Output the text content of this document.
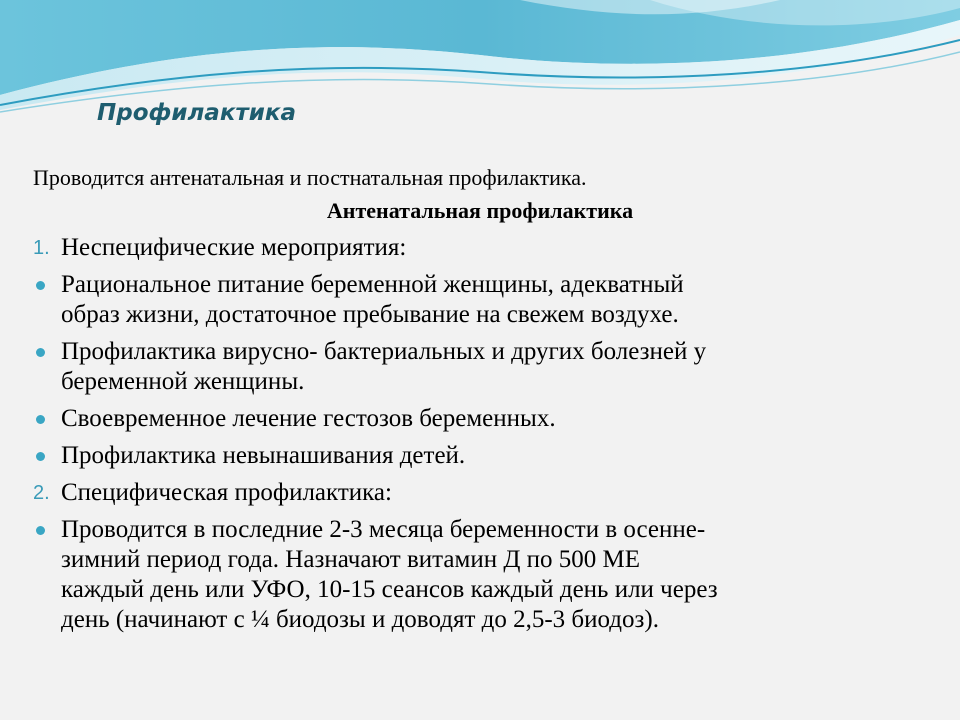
Профилактика
Проводится антенатальная и постнатальная профилактика.
Антенатальная профилактика
1. Неспецифические мероприятия:
Рациональное питание беременной женщины, адекватный
образ жизни, достаточное пребывание на свежем воздухе.
Профилактика вирусно- бактериальных и других болезней у
беременной женщины.
Своевременное лечение гестозов беременных.
Профилактика невынашивания детей.
2. Специфическая профилактика:
Проводится в последние 2-3 месяца беременности в осенне-
зимний период года. Назначают витамин Д по 500 МЕ
каждый день или УФО, 10-15 сеансов каждый день или через
день (начинают с ¼ биодозы и доводят до 2,5-3 биодоз).
